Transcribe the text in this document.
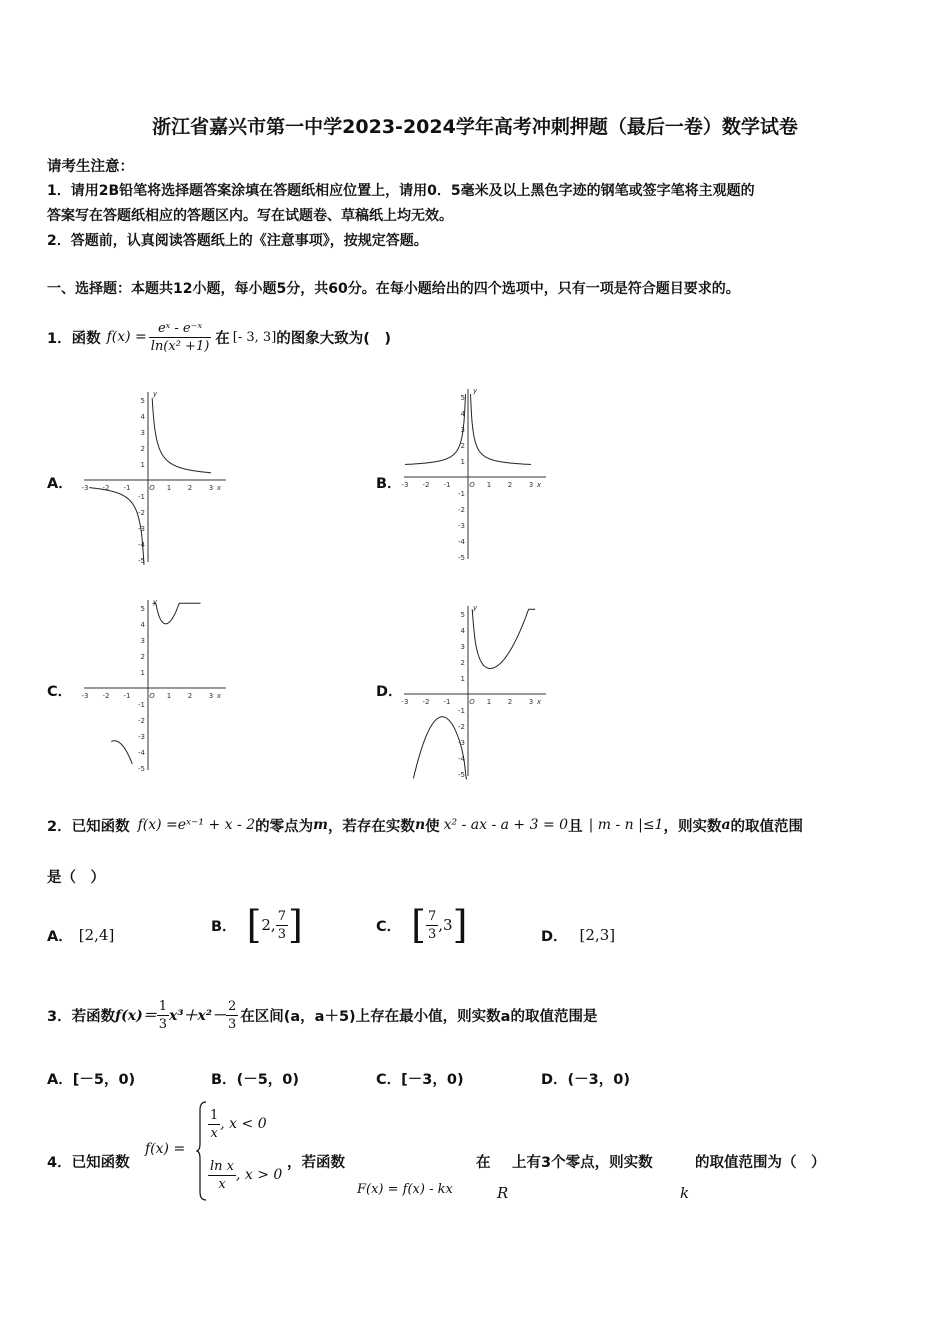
浙江省嘉兴市第一中学2023-2024学年高考冲刺押题（最后一卷）数学试卷
请考生注意：
1．请用2B铅笔将选择题答案涂填在答题纸相应位置上，请用0．5毫米及以上黑色字迹的钢笔或签字笔将主观题的
答案写在答题纸相应的答题区内。写在试题卷、草稿纸上均无效。
2．答题前，认真阅读答题纸上的《注意事项》，按规定答题。
一、选择题：本题共12小题，每小题5分，共60分。在每小题给出的四个选项中，只有一项是符合题目要求的。
1．函数 $f(x) = \frac{\text{eˣ - e⁻ˣ}}{\text{ln(x² +1)}}$ 在 [- 3, 3] 的图象大致为(　)
A．	B．
C．	D．
-3 -2 -1	O 1 2 3 x
5
4
3
2
1
-1
-2
-3
-4
-5
y
-3 -2 -1	O 1 2 3 x
5
4
3
2
1
-1
-2
-3
-4
-5
y
-3 -2 -1	O 1 2 3 x
5
4
3
2
1
-1
-2
-3
-4
-5
y
-3 -2 -1	O 1 2 3 x
5
4
3
2
1
-1
-2
-3
-4
-5
y
2．已知函数 f(x) =eˣ⁻¹ + x - 2 的零点为 m ，若存在实数 n 使 x² - ax - a + 3 = 0 且 | m - n |≤1 ，则实数 a 的取值范围
是（　）
A． [2,4]	B． [ 2, $\frac{7}{3}$ ]	C． [ $\frac{7}{3} ,3$ ]	D． [2,3]
3．若函数 $f(x)= \frac{1}{3} x^3+x^2- \frac{2}{3}$ 在区间(a，a＋5)上存在最小值，则实数a的取值范围是
A．[－5，0)	B．(－5，0)	C．[－3，0)	D．(－3，0)
4．已知函数
f(x) =
$\frac{1}{x}$ , x < 0
$\frac{\text{ln x}}{x}$ , x > 0
，若函数
F(x) = f(x) - kx
在
R
上有3个零点，则实数
k
的取值范围为（　）
